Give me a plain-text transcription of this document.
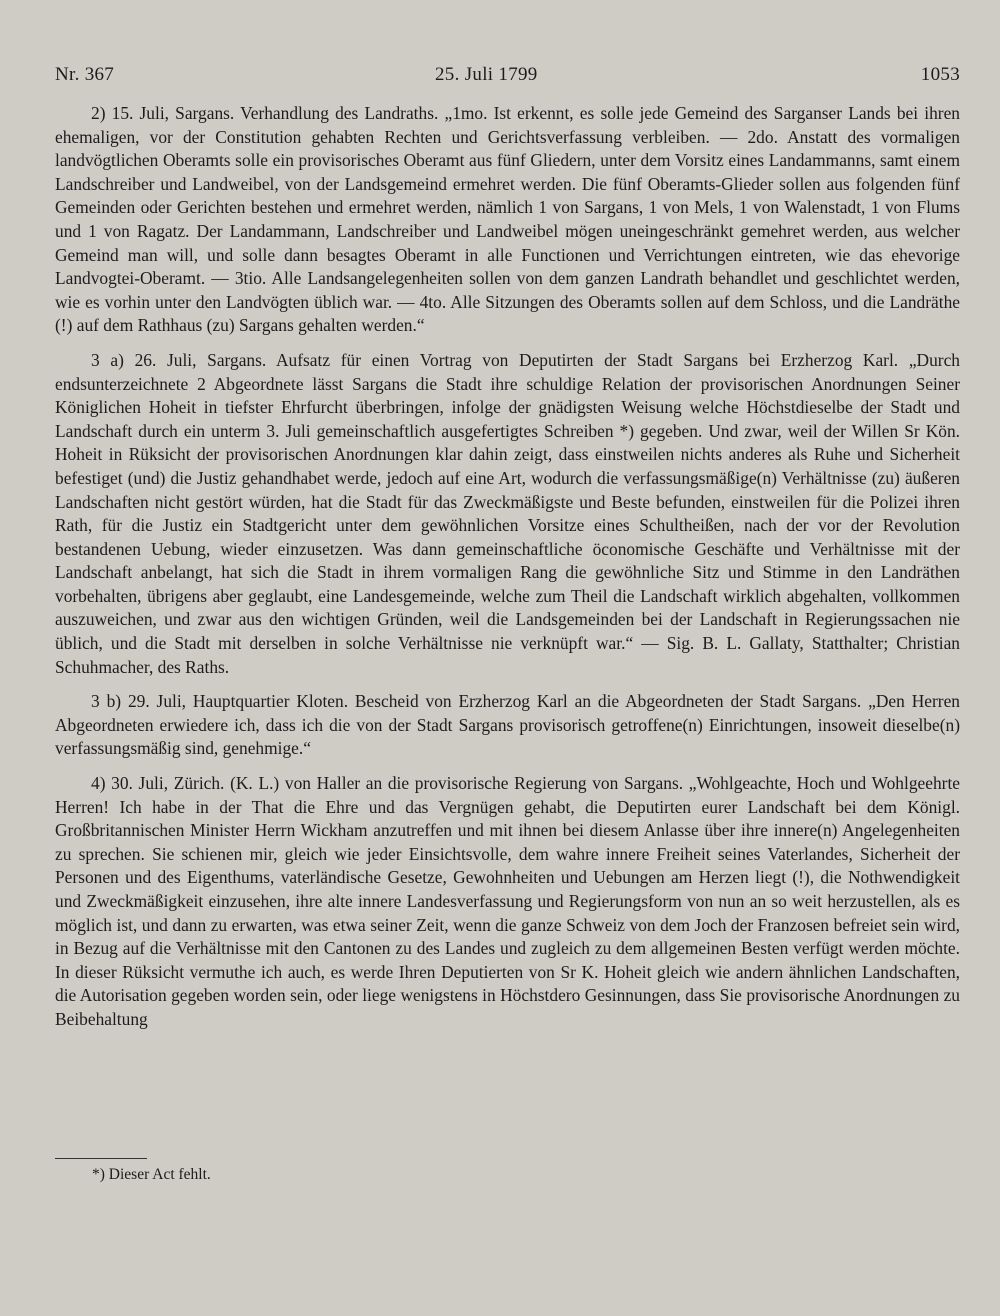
Nr. 367	25. Juli 1799	1053

2) 15. Juli, Sargans. Verhandlung des Landraths. „1mo. Ist erkennt, es solle jede Gemeind des Sarganser Lands bei ihren ehemaligen, vor der Constitution gehabten Rechten und Gerichtsverfassung verbleiben. — 2do. Anstatt des vormaligen landvögtlichen Oberamts solle ein provisorisches Oberamt aus fünf Gliedern, unter dem Vorsitz eines Landammanns, samt einem Landschreiber und Landweibel, von der Landsgemeind ermehret werden. Die fünf Oberamts-Glieder sollen aus folgenden fünf Gemeinden oder Gerichten bestehen und ermehret werden, nämlich 1 von Sargans, 1 von Mels, 1 von Walenstadt, 1 von Flums und 1 von Ragatz. Der Landammann, Landschreiber und Landweibel mögen uneingeschränkt gemehret werden, aus welcher Gemeind man will, und solle dann besagtes Oberamt in alle Functionen und Verrichtungen eintreten, wie das ehevorige Landvogtei-Oberamt. — 3tio. Alle Landsangelegenheiten sollen von dem ganzen Landrath behandlet und geschlichtet werden, wie es vorhin unter den Landvögten üblich war. — 4to. Alle Sitzungen des Oberamts sollen auf dem Schloss, und die Landräthe (!) auf dem Rathhaus (zu) Sargans gehalten werden.“

3 a) 26. Juli, Sargans. Aufsatz für einen Vortrag von Deputirten der Stadt Sargans bei Erzherzog Karl. „Durch endsunterzeichnete 2 Abgeordnete lässt Sargans die Stadt ihre schuldige Relation der provisorischen Anordnungen Seiner Königlichen Hoheit in tiefster Ehrfurcht überbringen, infolge der gnädigsten Weisung welche Höchstdieselbe der Stadt und Landschaft durch ein unterm 3. Juli gemeinschaftlich ausgefertigtes Schreiben *) gegeben. Und zwar, weil der Willen Sr Kön. Hoheit in Rüksicht der provisorischen Anordnungen klar dahin zeigt, dass einstweilen nichts anderes als Ruhe und Sicherheit befestiget (und) die Justiz gehandhabet werde, jedoch auf eine Art, wodurch die verfassungsmäßige(n) Verhältnisse (zu) äußeren Landschaften nicht gestört würden, hat die Stadt für das Zweckmäßigste und Beste befunden, einstweilen für die Polizei ihren Rath, für die Justiz ein Stadtgericht unter dem gewöhnlichen Vorsitze eines Schultheißen, nach der vor der Revolution bestandenen Uebung, wieder einzusetzen. Was dann gemeinschaftliche öconomische Geschäfte und Verhältnisse mit der Landschaft anbelangt, hat sich die Stadt in ihrem vormaligen Rang die gewöhnliche Sitz und Stimme in den Landräthen vorbehalten, übrigens aber geglaubt, eine Landesgemeinde, welche zum Theil die Landschaft wirklich abgehalten, vollkommen auszuweichen, und zwar aus den wichtigen Gründen, weil die Landsgemeinden bei der Landschaft in Regierungssachen nie üblich, und die Stadt mit derselben in solche Verhältnisse nie verknüpft war.“ — Sig. B. L. Gallaty, Statthalter; Christian Schuhmacher, des Raths.

3 b) 29. Juli, Hauptquartier Kloten. Bescheid von Erzherzog Karl an die Abgeordneten der Stadt Sargans. „Den Herren Abgeordneten erwiedere ich, dass ich die von der Stadt Sargans provisorisch getroffene(n) Einrichtungen, insoweit dieselbe(n) verfassungsmäßig sind, genehmige.“

4) 30. Juli, Zürich. (K. L.) von Haller an die provisorische Regierung von Sargans. „Wohlgeachte, Hoch und Wohlgeehrte Herren! Ich habe in der That die Ehre und das Vergnügen gehabt, die Deputirten eurer Landschaft bei dem Königl. Großbritannischen Minister Herrn Wickham anzutreffen und mit ihnen bei diesem Anlasse über ihre innere(n) Angelegenheiten zu sprechen. Sie schienen mir, gleich wie jeder Einsichtsvolle, dem wahre innere Freiheit seines Vaterlandes, Sicherheit der Personen und des Eigenthums, vaterländische Gesetze, Gewohnheiten und Uebungen am Herzen liegt (!), die Nothwendigkeit und Zweckmäßigkeit einzusehen, ihre alte innere Landesverfassung und Regierungsform von nun an so weit herzustellen, als es möglich ist, und dann zu erwarten, was etwa seiner Zeit, wenn die ganze Schweiz von dem Joch der Franzosen befreiet sein wird, in Bezug auf die Verhältnisse mit den Cantonen zu des Landes und zugleich zu dem allgemeinen Besten verfügt werden möchte. In dieser Rüksicht vermuthe ich auch, es werde Ihren Deputierten von Sr K. Hoheit gleich wie andern ähnlichen Landschaften, die Autorisation gegeben worden sein, oder liege wenigstens in Höchstdero Gesinnungen, dass Sie provisorische Anordnungen zu Beibehaltung

*) Dieser Act fehlt.
